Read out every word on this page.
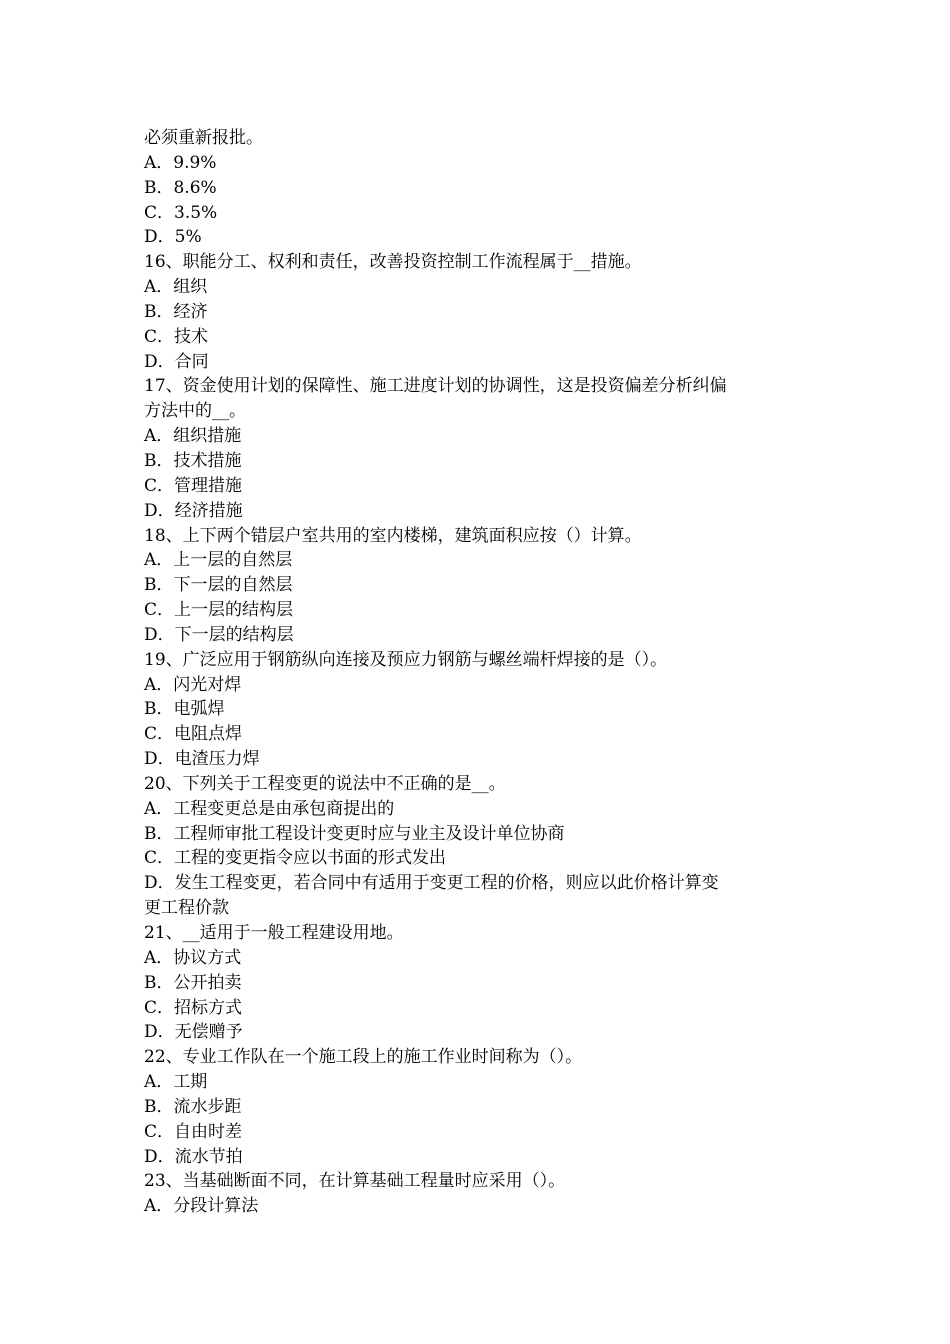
必须重新报批。
A．9.9%
B．8.6%
C．3.5%
D．5%
16、职能分工、权利和责任，改善投资控制工作流程属于__措施。
A．组织
B．经济
C．技术
D．合同
17、资金使用计划的保障性、施工进度计划的协调性，这是投资偏差分析纠偏
方法中的__。
A．组织措施
B．技术措施
C．管理措施
D．经济措施
18、上下两个错层户室共用的室内楼梯，建筑面积应按（）计算。
A．上一层的自然层
B．下一层的自然层
C．上一层的结构层
D．下一层的结构层
19、广泛应用于钢筋纵向连接及预应力钢筋与螺丝端杆焊接的是（）。
A．闪光对焊
B．电弧焊
C．电阻点焊
D．电渣压力焊
20、下列关于工程变更的说法中不正确的是__。
A．工程变更总是由承包商提出的
B．工程师审批工程设计变更时应与业主及设计单位协商
C．工程的变更指令应以书面的形式发出
D．发生工程变更，若合同中有适用于变更工程的价格，则应以此价格计算变
更工程价款
21、__适用于一般工程建设用地。
A．协议方式
B．公开拍卖
C．招标方式
D．无偿赠予
22、专业工作队在一个施工段上的施工作业时间称为（）。
A．工期
B．流水步距
C．自由时差
D．流水节拍
23、当基础断面不同，在计算基础工程量时应采用（）。
A．分段计算法
